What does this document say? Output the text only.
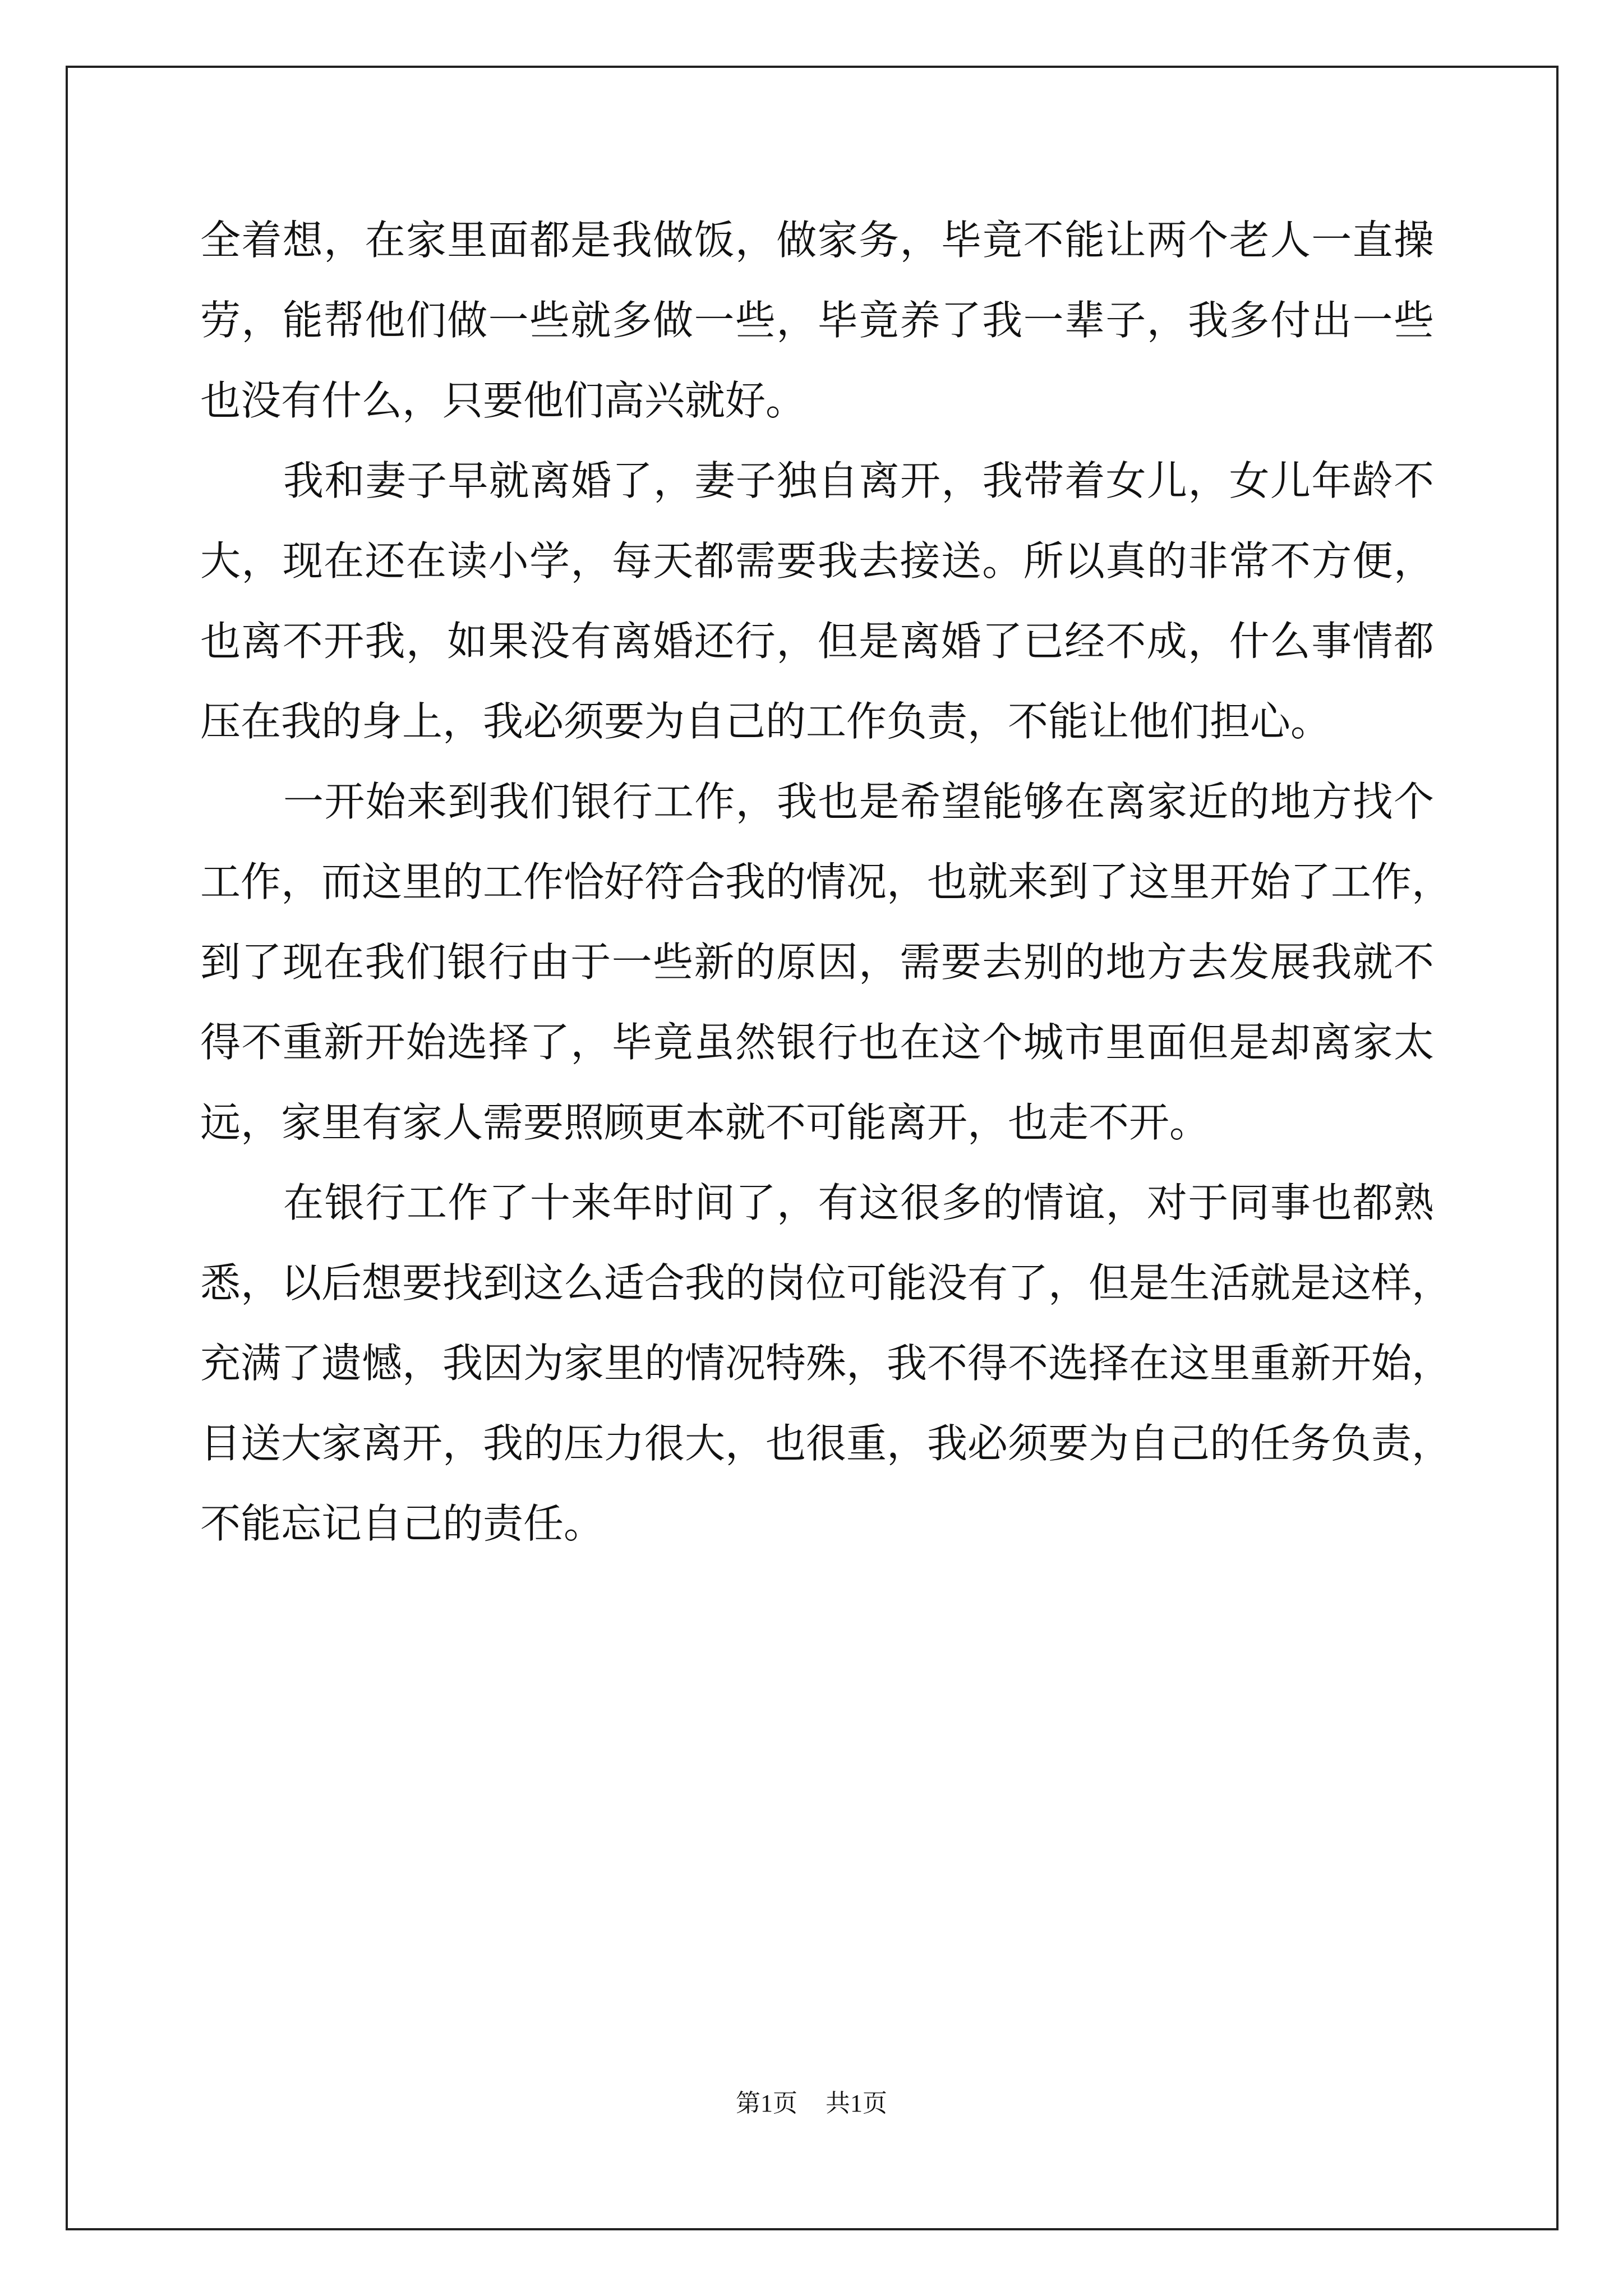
全着想，在家里面都是我做饭，做家务，毕竟不能让两个老人一直操
劳，能帮他们做一些就多做一些，毕竟养了我一辈子，我多付出一些
也没有什么，只要他们高兴就好。
我和妻子早就离婚了，妻子独自离开，我带着女儿，女儿年龄不
大，现在还在读小学，每天都需要我去接送。所以真的非常不方便，
也离不开我，如果没有离婚还行，但是离婚了已经不成，什么事情都
压在我的身上，我必须要为自己的工作负责，不能让他们担心。
一开始来到我们银行工作，我也是希望能够在离家近的地方找个
工作，而这里的工作恰好符合我的情况，也就来到了这里开始了工作，
到了现在我们银行由于一些新的原因，需要去别的地方去发展我就不
得不重新开始选择了，毕竟虽然银行也在这个城市里面但是却离家太
远，家里有家人需要照顾更本就不可能离开，也走不开。
在银行工作了十来年时间了，有这很多的情谊，对于同事也都熟
悉，以后想要找到这么适合我的岗位可能没有了，但是生活就是这样，
充满了遗憾，我因为家里的情况特殊，我不得不选择在这里重新开始，
目送大家离开，我的压力很大，也很重，我必须要为自己的任务负责，
不能忘记自己的责任。
第1页 共1页
